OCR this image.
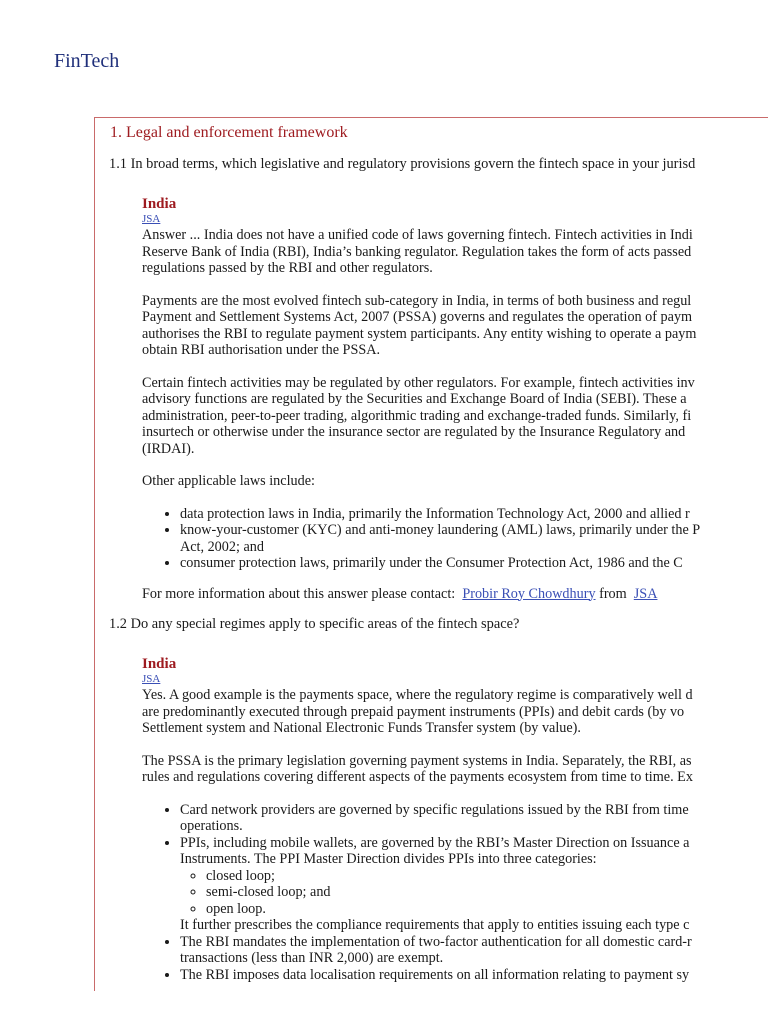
FinTech
1. Legal and enforcement framework
1.1 In broad terms, which legislative and regulatory provisions govern the fintech space in your jurisd
India
JSA
Answer ... India does not have a unified code of laws governing fintech. Fintech activities in Indi
Reserve Bank of India (RBI), India’s banking regulator. Regulation takes the form of acts passed
regulations passed by the RBI and other regulators.
Payments are the most evolved fintech sub-category in India, in terms of both business and regul
Payment and Settlement Systems Act, 2007 (PSSA) governs and regulates the operation of paym
authorises the RBI to regulate payment system participants. Any entity wishing to operate a paym
obtain RBI authorisation under the PSSA.
Certain fintech activities may be regulated by other regulators. For example, fintech activities inv
advisory functions are regulated by the Securities and Exchange Board of India (SEBI). These a
administration, peer-to-peer trading, algorithmic trading and exchange-traded funds. Similarly, fi
insurtech or otherwise under the insurance sector are regulated by the Insurance Regulatory and
(IRDAI).
Other applicable laws include:
• data protection laws in India, primarily the Information Technology Act, 2000 and allied r
• know-your-customer (KYC) and anti-money laundering (AML) laws, primarily under the P
Act, 2002; and
• consumer protection laws, primarily under the Consumer Protection Act, 1986 and the C
For more information about this answer please contact: Probir Roy Chowdhury from JSA
1.2 Do any special regimes apply to specific areas of the fintech space?
India
JSA
Yes. A good example is the payments space, where the regulatory regime is comparatively well d
are predominantly executed through prepaid payment instruments (PPIs) and debit cards (by vo
Settlement system and National Electronic Funds Transfer system (by value).
The PSSA is the primary legislation governing payment systems in India. Separately, the RBI, as
rules and regulations covering different aspects of the payments ecosystem from time to time. Ex
• Card network providers are governed by specific regulations issued by the RBI from time
operations.
• PPIs, including mobile wallets, are governed by the RBI’s Master Direction on Issuance a
Instruments. The PPI Master Direction divides PPIs into three categories:
◦ closed loop;
◦ semi-closed loop; and
◦ open loop.
It further prescribes the compliance requirements that apply to entities issuing each type c
• The RBI mandates the implementation of two-factor authentication for all domestic card-r
transactions (less than INR 2,000) are exempt.
• The RBI imposes data localisation requirements on all information relating to payment sy
